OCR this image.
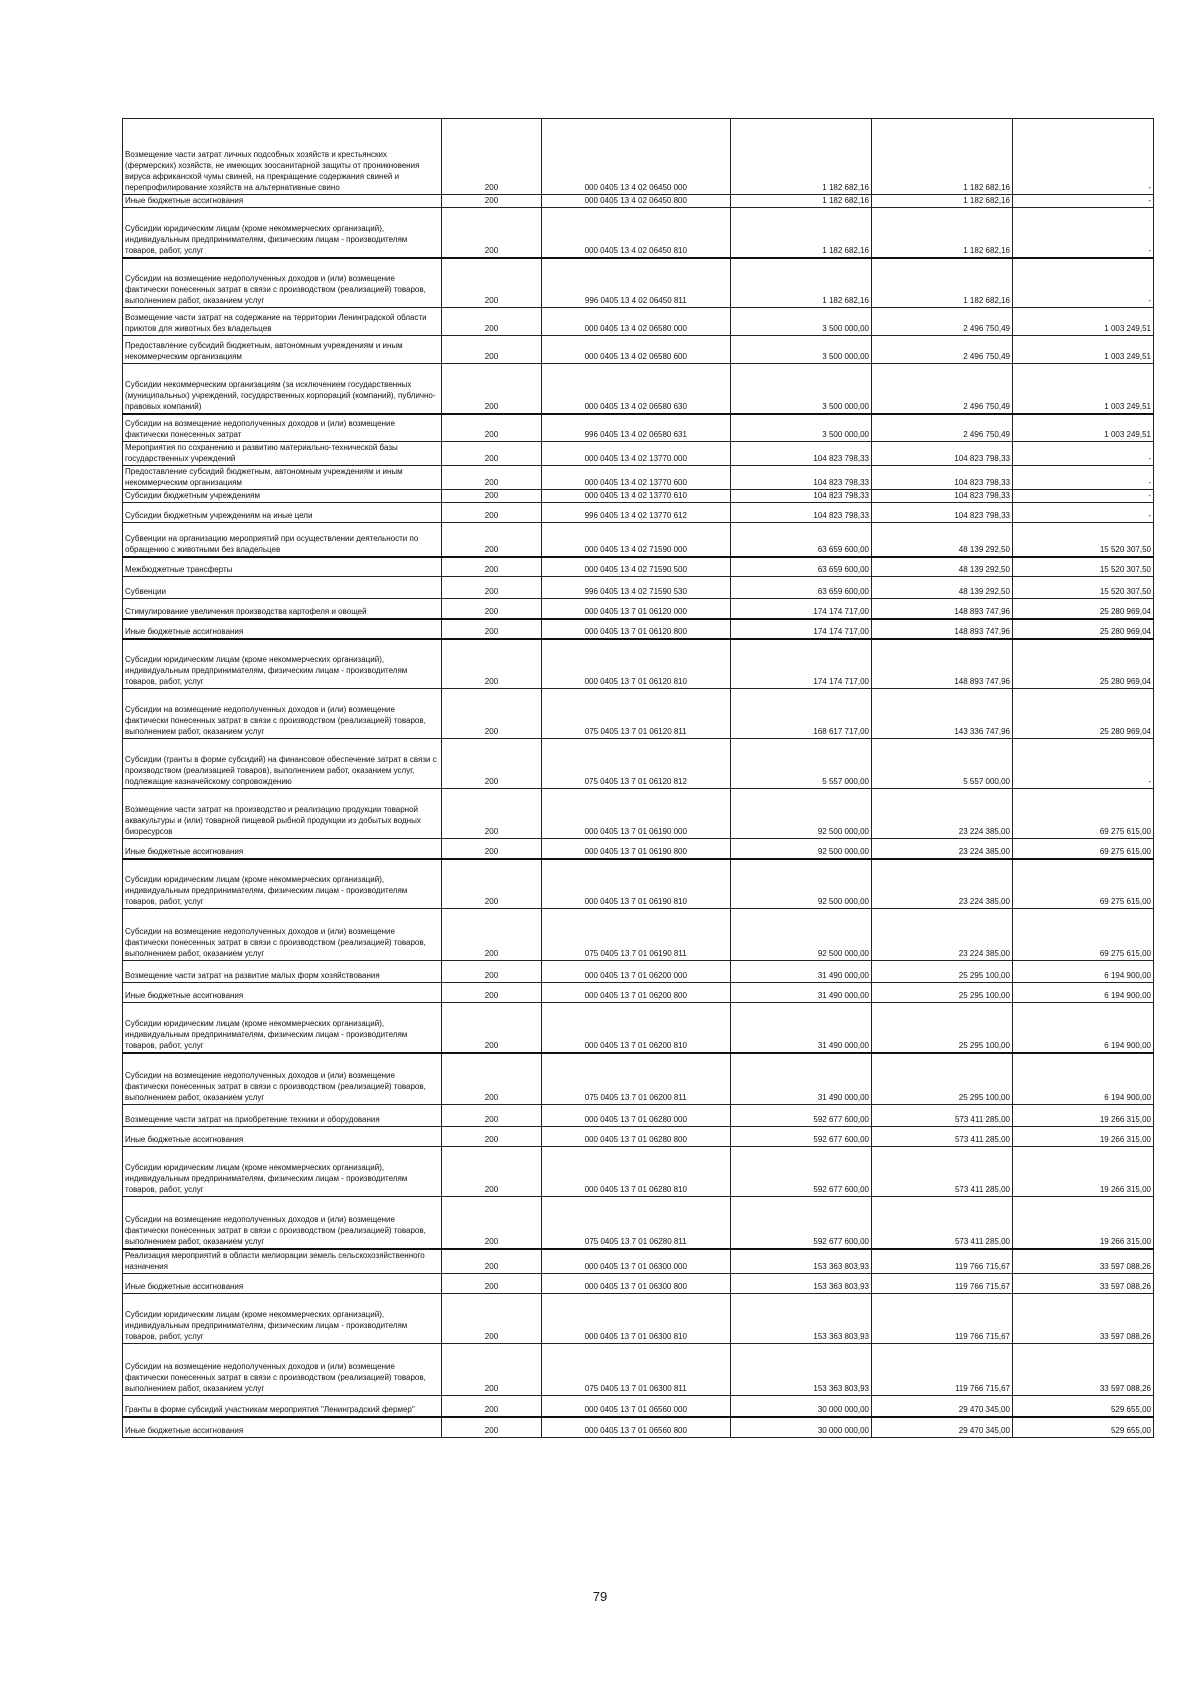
Возмещение части затрат личных подсобных хозяйств и крестьянских (фермерских) хозяйств, не имеющих зоосанитарной защиты от проникновения вируса африканской чумы свиней, на прекращение содержания свиней и перепрофилирование хозяйств на альтернативные свино	200	000 0405 13 4 02 06450 000	1 182 682,16	1 182 682,16	-
Иные бюджетные ассигнования	200	000 0405 13 4 02 06450 800	1 182 682,16	1 182 682,16	-
Субсидии юридическим лицам (кроме некоммерческих организаций), индивидуальным предпринимателям, физическим лицам - производителям товаров, работ, услуг	200	000 0405 13 4 02 06450 810	1 182 682,16	1 182 682,16	-
Субсидии на возмещение недополученных доходов и (или) возмещение фактически понесенных затрат в связи с производством (реализацией) товаров, выполнением работ, оказанием услуг	200	996 0405 13 4 02 06450 811	1 182 682,16	1 182 682,16	-
Возмещение части затрат на содержание на территории Ленинградской области приютов для животных без владельцев	200	000 0405 13 4 02 06580 000	3 500 000,00	2 496 750,49	1 003 249,51
Предоставление субсидий бюджетным, автономным учреждениям и иным некоммерческим организациям	200	000 0405 13 4 02 06580 600	3 500 000,00	2 496 750,49	1 003 249,51
Субсидии некоммерческим организациям (за исключением государственных (муниципальных) учреждений, государственных корпораций (компаний), публично-правовых компаний)	200	000 0405 13 4 02 06580 630	3 500 000,00	2 496 750,49	1 003 249,51
Субсидии на возмещение недополученных доходов и (или) возмещение фактически понесенных затрат	200	996 0405 13 4 02 06580 631	3 500 000,00	2 496 750,49	1 003 249,51
Мероприятия по сохранению и развитию материально-технической базы государственных учреждений	200	000 0405 13 4 02 13770 000	104 823 798,33	104 823 798,33	-
Предоставление субсидий бюджетным, автономным учреждениям и иным некоммерческим организациям	200	000 0405 13 4 02 13770 600	104 823 798,33	104 823 798,33	-
Субсидии бюджетным учреждениям	200	000 0405 13 4 02 13770 610	104 823 798,33	104 823 798,33	-
Субсидии бюджетным учреждениям на иные цели	200	996 0405 13 4 02 13770 612	104 823 798,33	104 823 798,33	-
Субвенции на организацию мероприятий при осуществлении деятельности по обращению с животными без владельцев	200	000 0405 13 4 02 71590 000	63 659 600,00	48 139 292,50	15 520 307,50
Межбюджетные трансферты	200	000 0405 13 4 02 71590 500	63 659 600,00	48 139 292,50	15 520 307,50
Субвенции	200	996 0405 13 4 02 71590 530	63 659 600,00	48 139 292,50	15 520 307,50
Стимулирование увеличения производства картофеля и овощей	200	000 0405 13 7 01 06120 000	174 174 717,00	148 893 747,96	25 280 969,04
Иные бюджетные ассигнования	200	000 0405 13 7 01 06120 800	174 174 717,00	148 893 747,96	25 280 969,04
Субсидии юридическим лицам (кроме некоммерческих организаций), индивидуальным предпринимателям, физическим лицам - производителям товаров, работ, услуг	200	000 0405 13 7 01 06120 810	174 174 717,00	148 893 747,96	25 280 969,04
Субсидии на возмещение недополученных доходов и (или) возмещение фактически понесенных затрат в связи с производством (реализацией) товаров, выполнением работ, оказанием услуг	200	075 0405 13 7 01 06120 811	168 617 717,00	143 336 747,96	25 280 969,04
Субсидии (гранты в форме субсидий) на финансовое обеспечение затрат в связи с производством (реализацией товаров), выполнением работ, оказанием услуг, подлежащие казначейскому сопровождению	200	075 0405 13 7 01 06120 812	5 557 000,00	5 557 000,00	-
Возмещение части затрат на производство и реализацию продукции товарной аквакультуры и (или) товарной пищевой рыбной продукции из добытых водных биоресурсов	200	000 0405 13 7 01 06190 000	92 500 000,00	23 224 385,00	69 275 615,00
Иные бюджетные ассигнования	200	000 0405 13 7 01 06190 800	92 500 000,00	23 224 385,00	69 275 615,00
Субсидии юридическим лицам (кроме некоммерческих организаций), индивидуальным предпринимателям, физическим лицам - производителям товаров, работ, услуг	200	000 0405 13 7 01 06190 810	92 500 000,00	23 224 385,00	69 275 615,00
Субсидии на возмещение недополученных доходов и (или) возмещение фактически понесенных затрат в связи с производством (реализацией) товаров, выполнением работ, оказанием услуг	200	075 0405 13 7 01 06190 811	92 500 000,00	23 224 385,00	69 275 615,00
Возмещение части затрат на развитие малых форм хозяйствования	200	000 0405 13 7 01 06200 000	31 490 000,00	25 295 100,00	6 194 900,00
Иные бюджетные ассигнования	200	000 0405 13 7 01 06200 800	31 490 000,00	25 295 100,00	6 194 900,00
Субсидии юридическим лицам (кроме некоммерческих организаций), индивидуальным предпринимателям, физическим лицам - производителям товаров, работ, услуг	200	000 0405 13 7 01 06200 810	31 490 000,00	25 295 100,00	6 194 900,00
Субсидии на возмещение недополученных доходов и (или) возмещение фактически понесенных затрат в связи с производством (реализацией) товаров, выполнением работ, оказанием услуг	200	075 0405 13 7 01 06200 811	31 490 000,00	25 295 100,00	6 194 900,00
Возмещение части затрат на приобретение техники и оборудования	200	000 0405 13 7 01 06280 000	592 677 600,00	573 411 285,00	19 266 315,00
Иные бюджетные ассигнования	200	000 0405 13 7 01 06280 800	592 677 600,00	573 411 285,00	19 266 315,00
Субсидии юридическим лицам (кроме некоммерческих организаций), индивидуальным предпринимателям, физическим лицам - производителям товаров, работ, услуг	200	000 0405 13 7 01 06280 810	592 677 600,00	573 411 285,00	19 266 315,00
Субсидии на возмещение недополученных доходов и (или) возмещение фактически понесенных затрат в связи с производством (реализацией) товаров, выполнением работ, оказанием услуг	200	075 0405 13 7 01 06280 811	592 677 600,00	573 411 285,00	19 266 315,00
Реализация мероприятий в области мелиорации земель сельскохозяйственного назначения	200	000 0405 13 7 01 06300 000	153 363 803,93	119 766 715,67	33 597 088,26
Иные бюджетные ассигнования	200	000 0405 13 7 01 06300 800	153 363 803,93	119 766 715,67	33 597 088,26
Субсидии юридическим лицам (кроме некоммерческих организаций), индивидуальным предпринимателям, физическим лицам - производителям товаров, работ, услуг	200	000 0405 13 7 01 06300 810	153 363 803,93	119 766 715,67	33 597 088,26
Субсидии на возмещение недополученных доходов и (или) возмещение фактически понесенных затрат в связи с производством (реализацией) товаров, выполнением работ, оказанием услуг	200	075 0405 13 7 01 06300 811	153 363 803,93	119 766 715,67	33 597 088,26
Гранты в форме субсидий участникам мероприятия "Ленинградский фермер"	200	000 0405 13 7 01 06560 000	30 000 000,00	29 470 345,00	529 655,00
Иные бюджетные ассигнования	200	000 0405 13 7 01 06560 800	30 000 000,00	29 470 345,00	529 655,00
79
